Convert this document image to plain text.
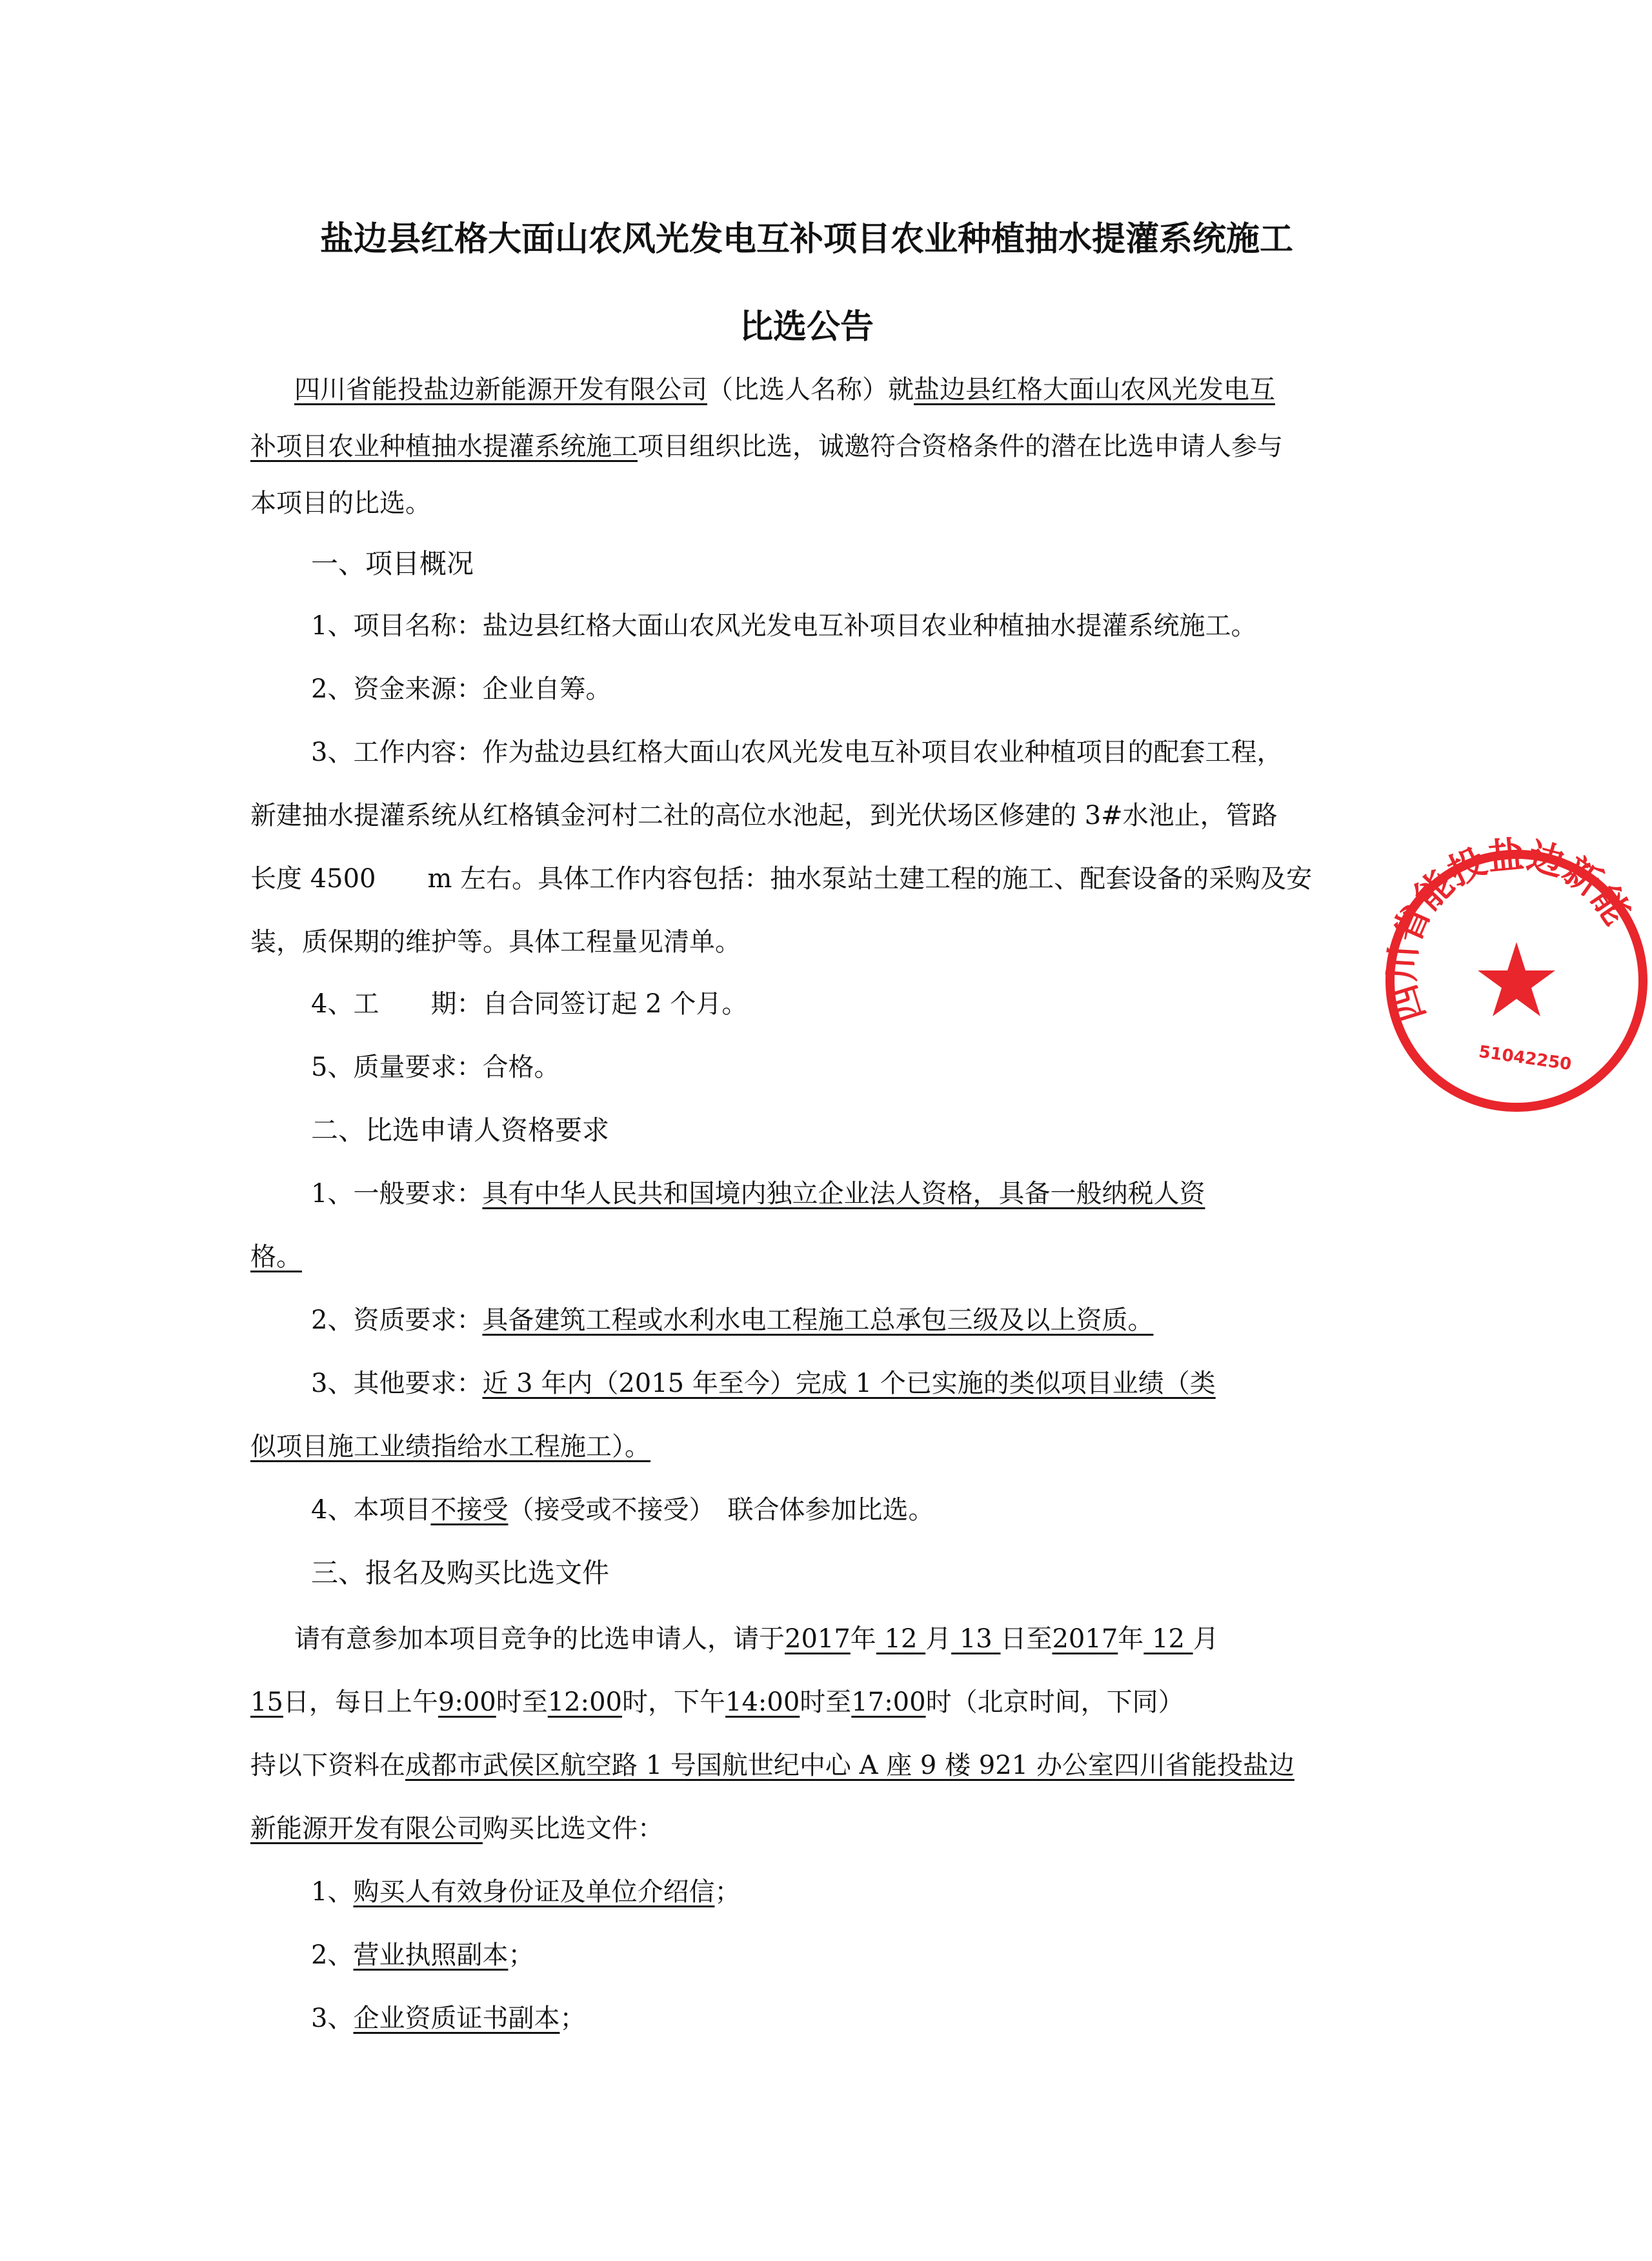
盐边县红格大面山农风光发电互补项目农业种植抽水提灌系统施工
比选公告

四川省能投盐边新能源开发有限公司（比选人名称）就盐边县红格大面山农风光发电互

补项目农业种植抽水提灌系统施工项目组织比选，诚邀符合资格条件的潜在比选申请人参与

本项目的比选。

一、项目概况

1、项目名称：盐边县红格大面山农风光发电互补项目农业种植抽水提灌系统施工。

2、资金来源：企业自筹。

3、工作内容：作为盐边县红格大面山农风光发电互补项目农业种植项目的配套工程，

新建抽水提灌系统从红格镇金河村二社的高位水池起，到光伏场区修建的 3#水池止，管路

长度 4500　　m 左右。具体工作内容包括：抽水泵站土建工程的施工、配套设备的采购及安

装，质保期的维护等。具体工程量见清单。

4、工　　期：自合同签订起 2 个月。

5、质量要求：合格。

二、比选申请人资格要求

1、一般要求：具有中华人民共和国境内独立企业法人资格，具备一般纳税人资

格。

2、资质要求：具备建筑工程或水利水电工程施工总承包三级及以上资质。

3、其他要求：近 3 年内（2015 年至今）完成 1 个已实施的类似项目业绩（类

似项目施工业绩指给水工程施工）。

4、本项目不接受（接受或不接受）　联合体参加比选。

三、报名及购买比选文件

请有意参加本项目竞争的比选申请人，请于2017年 12 月 13 日至2017年 12 月

15日，每日上午9:00时至12:00时，下午14:00时至17:00时（北京时间，下同）

持以下资料在成都市武侯区航空路 1 号国航世纪中心 A 座 9 楼 921 办公室四川省能投盐边

新能源开发有限公司购买比选文件：

1、购买人有效身份证及单位介绍信；

2、营业执照副本；

3、企业资质证书副本；

四川省能投盐边新能源
51042250
